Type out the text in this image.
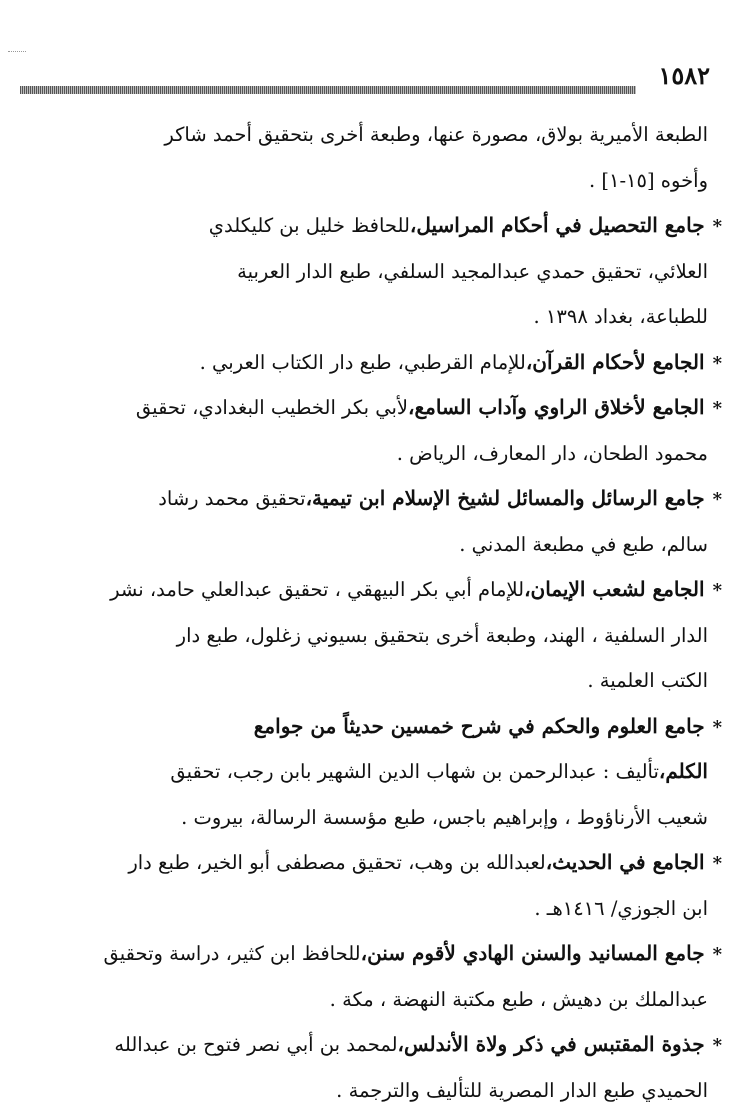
١٥٨٢
الطبعة الأميرية بولاق، مصورة عنها، وطبعة أخرى بتحقيق أحمد شاكر
وأخوه [١٥-١] .
*جامع التحصيل في أحكام المراسيل،للحافظ خليل بن كليكلدي
العلائي، تحقيق حمدي عبدالمجيد السلفي، طبع الدار العربية
للطباعة، بغداد ١٣٩٨ .
*الجامع لأحكام القرآن،للإمام القرطبي، طبع دار الكتاب العربي .
*الجامع لأخلاق الراوي وآداب السامع،لأبي بكر الخطيب البغدادي، تحقيق
محمود الطحان، دار المعارف، الرياض .
*جامع الرسائل والمسائل لشيخ الإسلام ابن تيمية،تحقيق محمد رشاد
سالم، طبع في مطبعة المدني .
*الجامع لشعب الإيمان،للإمام أبي بكر البيهقي ، تحقيق عبدالعلي حامد، نشر
الدار السلفية ، الهند، وطبعة أخرى بتحقيق بسيوني زغلول، طبع دار
الكتب العلمية .
*جامع العلوم والحكم في شرح خمسين حديثاً من جوامع
الكلم،تأليف : عبدالرحمن بن شهاب الدين الشهير بابن رجب، تحقيق
شعيب الأرناؤوط ، وإبراهيم باجس، طبع مؤسسة الرسالة، بيروت .
*الجامع في الحديث،لعبدالله بن وهب، تحقيق مصطفى أبو الخير، طبع دار
ابن الجوزي/ ١٤١٦هـ .
*جامع المسانيد والسنن الهادي لأقوم سنن،للحافظ ابن كثير، دراسة وتحقيق
عبدالملك بن دهيش ، طبع مكتبة النهضة ، مكة .
*جذوة المقتبس في ذكر ولاة الأندلس،لمحمد بن أبي نصر فتوح بن عبدالله
الحميدي طبع الدار المصرية للتأليف والترجمة .
